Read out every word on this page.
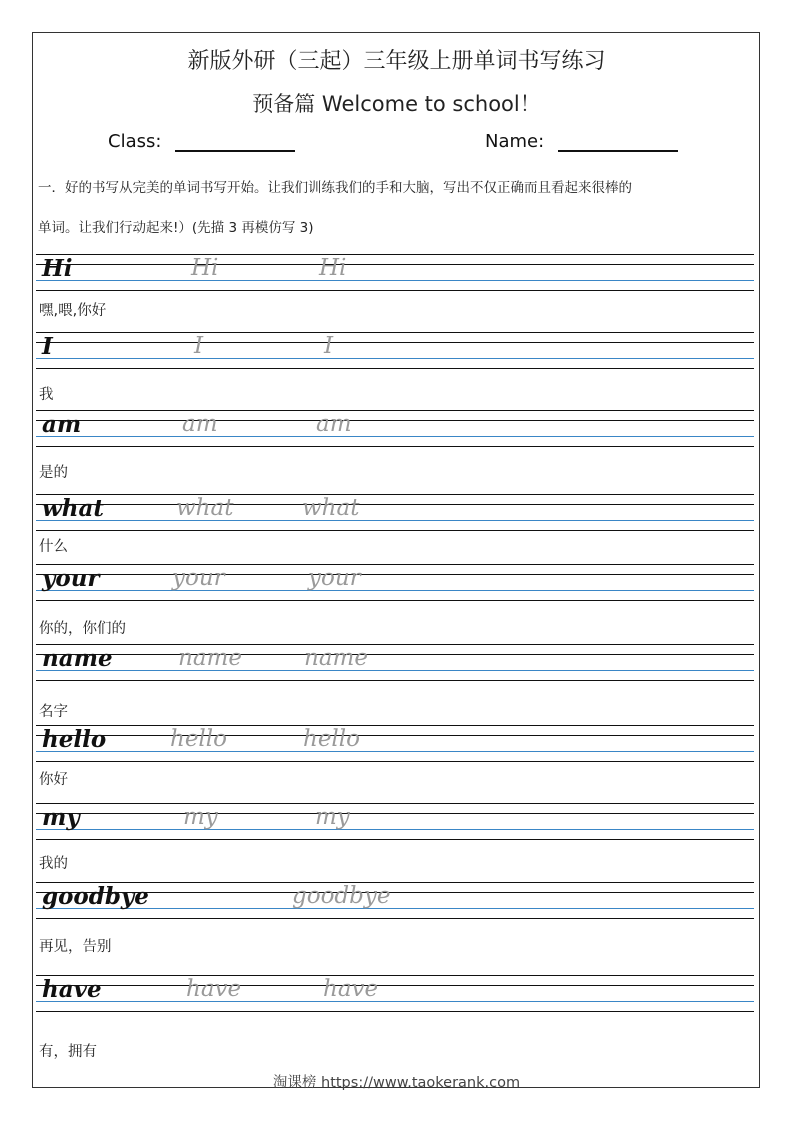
新版外研（三起）三年级上册单词书写练习
预备篇 Welcome to school！
Class:	Name:
一．好的书写从完美的单词书写开始。让我们训练我们的手和大脑，写出不仅正确而且看起来很棒的
单词。让我们行动起来!）(先描 3 再模仿写 3)
Hi	Hi	Hi
嘿,喂,你好
I	I	I
我
am	am	am
是的
what	what	what
什么
your	your	your
你的，你们的
name	name	name
名字
hello	hello	hello
你好
my	my	my
我的
goodbye	goodbye
再见，告别
have	have	have
有，拥有
淘课榜 https://www.taokerank.com
